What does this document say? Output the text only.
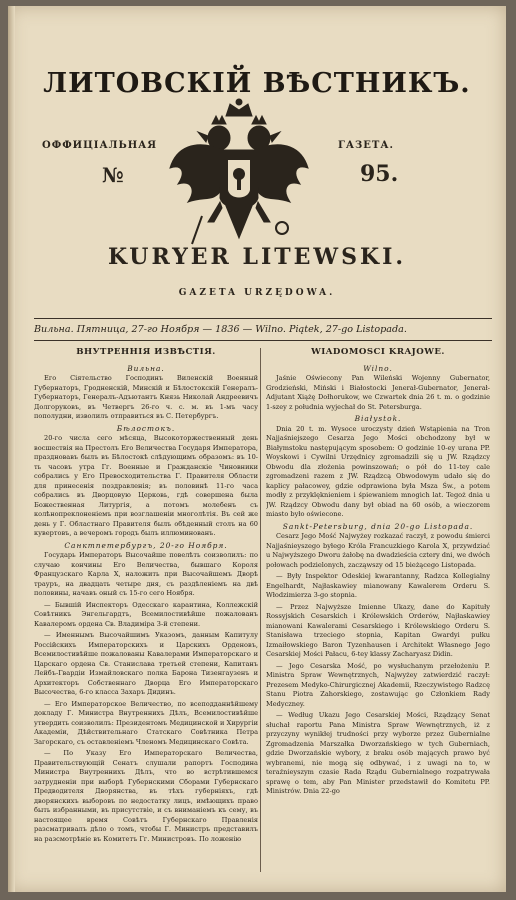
ЛИТОВСКІЙ ВѢСТНИКЪ.
ОФФИЦІАЛЬНАЯ	ГАЗЕТА.
№	95.
KURYER LITEWSKI.
GAZETA URZĘDOWA.
Вильна. Пятница, 27-го Ноября — 1836 — Wilno. Piątek, 27-go Listopada.
ВНУТРЕННІЯ ИЗВѢСТІЯ.
Вильна.

Его Сіятельство Господинъ Виленскій Военный Губернаторъ, Гродненскій, Минскій и Бѣлостокскій Генералъ-Губернаторъ, Генералъ-Адъютантъ Князь Николай Андреевичъ Долгоруковъ, въ Четвергъ 26-го ч. с. м. въ 1-мъ часу пополудни, изволилъ отправиться въ С. Петербургъ.

Бѣлостокъ.

20-го числа сего мѣсяца, Высокоторжественный день восшествія на Престолъ Его Величества Государя Императора, праздновавъ былъ въ Бѣлостокѣ слѣдующимъ образомъ: въ 10-ть часовъ утра Гг. Военные и Гражданскіе Чиновники собрались у Его Превосходительства Г. Правителя Области для принесенія поздравленія; въ половинѣ 11-го часа собрались въ Дворцовую Церковь, гдѣ совершена была Божественная Литургія, а потомъ молебенъ съ колѣнопреклоненіемъ при возглашеніи многолѣтія. Въ сей же день у Г. Областнаго Правителя былъ обѣденный столъ на 60 кувертовъ, а вечеромъ городъ былъ иллюминованъ.

Санктпетербургъ, 20-го Ноября.

Государь Императоръ Высочайше повелѣть соизволилъ: по случаю кончины Его Величества, бывшаго Короля Французскаго Карла X, наложить при Высочайшемъ Дворѣ трауръ, на двадцать четыре дня, съ раздѣленіемъ на двѣ половины, начавъ оный съ 15-го сего Ноября.

— Бывшій Инспекторъ Одесскаго карантина, Коллежскій Совѣтникъ Энгельгардтъ, Всемилостивѣйше пожалованъ Кавалеромъ ордена Св. Владиміра 3-й степени.

— Именнымъ Высочайшимъ Указомъ, данным Капитулу Россійскихъ Императорскихъ и Царскихъ Орденовъ, Всемилостивѣйше пожалованы Кавалерами Императорскаго и Царскаго ордена Св. Станислава третьей степени, Капитанъ Лейбъ-Гвардіи Измайловскаго полка Барона Тизенгаузенъ и Архитекторъ Собственнаго Дворца Его Императорскаго Высочества, 6-го класса Захаръ Дидинъ.

— Его Императорское Величество, по всеподданнѣйшему докладу Г. Министра Внутреннихъ Дѣлъ, Всемилостивѣйше утвердить соизволилъ: Президентомъ Медицинской и Хирургіи Академіи, Дѣйствительнаго Статскаго Совѣтника Петра Загорскаго, съ оставленіемъ Членомъ Медицинскаго Совѣта.

— По Указу Его Императорскаго Величества, Правительствующій Сенатъ слушали рапортъ Господина Министра Внутреннихъ Дѣлъ, что во встрѣтившемся затрудненіи при выборѣ Губернскими Сборами Губернскаго Предводителя Дворянства, въ тѣхъ губерніяхъ, гдѣ дворянскихъ выборовъ по недостатку лицъ, имѣющихъ право быть избранными, въ присутствіе, и съ вниманіемъ къ сему, въ настоящее время Совѣтъ Губернскаго Правленія разсматривалъ дѣло о томъ, чтобы Г. Министръ представилъ на разсмотрѣніе въ Комитетъ Гг. Министровъ. По ложенію

WIADOMOŚCI KRAJOWE.
Wilno.

Jaśnie Oświecony Pan Wileński Wojenny Gubernator, Grodzieński, Miński i Białostocki Jenerał-Gubernator, Jenerał-Adjutant Xiążę Dołhorukow, we Czwartek dnia 26 t. m. o godzinie 1-szey z południa wyjechał do St. Petersburga.

Białystok.

Dnia 20 t. m. Wysoce uroczysty dzień Wstąpienia na Tron Najjaśniejszego Cesarza Jego Mości obchodzony był w Białymstoku następującym sposobem: O godzinie 10-ey urana PP. Woyskowi i Cywilni Urzędnicy zgromadzili się u JW. Rządzcy Obwodu dla złożenia powinszowań; o pół do 11-tey cale zgromadzeni razem z JW. Rządzcą Obwodowym udało się do kaplicy pałacowey, gdzie odprawiona była Msza Św., a potem modły z przyklęknieniem i śpiewaniem mnogich lat. Tegoż dnia u JW. Rządzcy Obwodu dany był obiad na 60 osób, a wieczorem miasto było oświecone.

Sankt-Petersburg, dnia 20-go Listopada.

Cesarz Jego Mość Najwyżey rozkazać raczył, z powodu śmierci Najjaśnieyszego byłego Króla Francuzkiego Karola X, przywdziać u Najwyższego Dworu żałobę na dwadzieścia cztery dni, we dwóch połowach podzielonych, zacząwszy od 15 bieżącego Listopada.

— Były Inspektor Odeskiej kwarantanny, Radzca Kollegialny Engelhardt, Najłaskawiey mianowany Kawalerem Orderu S. Włodzimierza 3-go stopnia.

— Przez Najwyższe Imienne Ukazy, dane do Kapituły Rossyjskich Cesarskich i Królewskich Orderów, Najłaskawiey mianowani Kawalerami Cesarskiego i Królewskiego Orderu S. Stanisława trzeciego stopnia, Kapitan Gwardyi pułku Izmaiłowskiego Baron Tyzenhausen i Architekt Własnego Jego Cesarskiej Mości Pałacu, 6-tey klassy Zacharyasz Didin.

— Jego Cesarska Mość, po wysłuchanym przełożeniu P. Ministra Spraw Wewnętrznych, Najwyżey zatwierdzić raczył: Prezesem Medyko-Chirurgicznej Akademii, Rzeczywistego Radzcę Stanu Piotra Zahorskiego, zostawując go Członkiem Rady Medyczney.

— Według Ukazu Jego Cesarskiej Mości, Rządzący Senat słuchał raportu Pana Ministra Spraw Wewnętrznych, iż z przyczyny wynikłej trudności przy wyborze przez Gubernialne Zgromadzenia Marszałka Dworzańskiego w tych Guberniach, gdzie Dworzańskie wybory, z braku osób mających prawo być wybranemi, nie mogą się odbywać, i z uwagi na to, w teraźnieyszym czasie Rada Rządu Gubernialnego rozpatrywała sprawę o tem, aby Pan Minister przedstawił do Komitetu PP. Ministrów. Dnia 22-go
